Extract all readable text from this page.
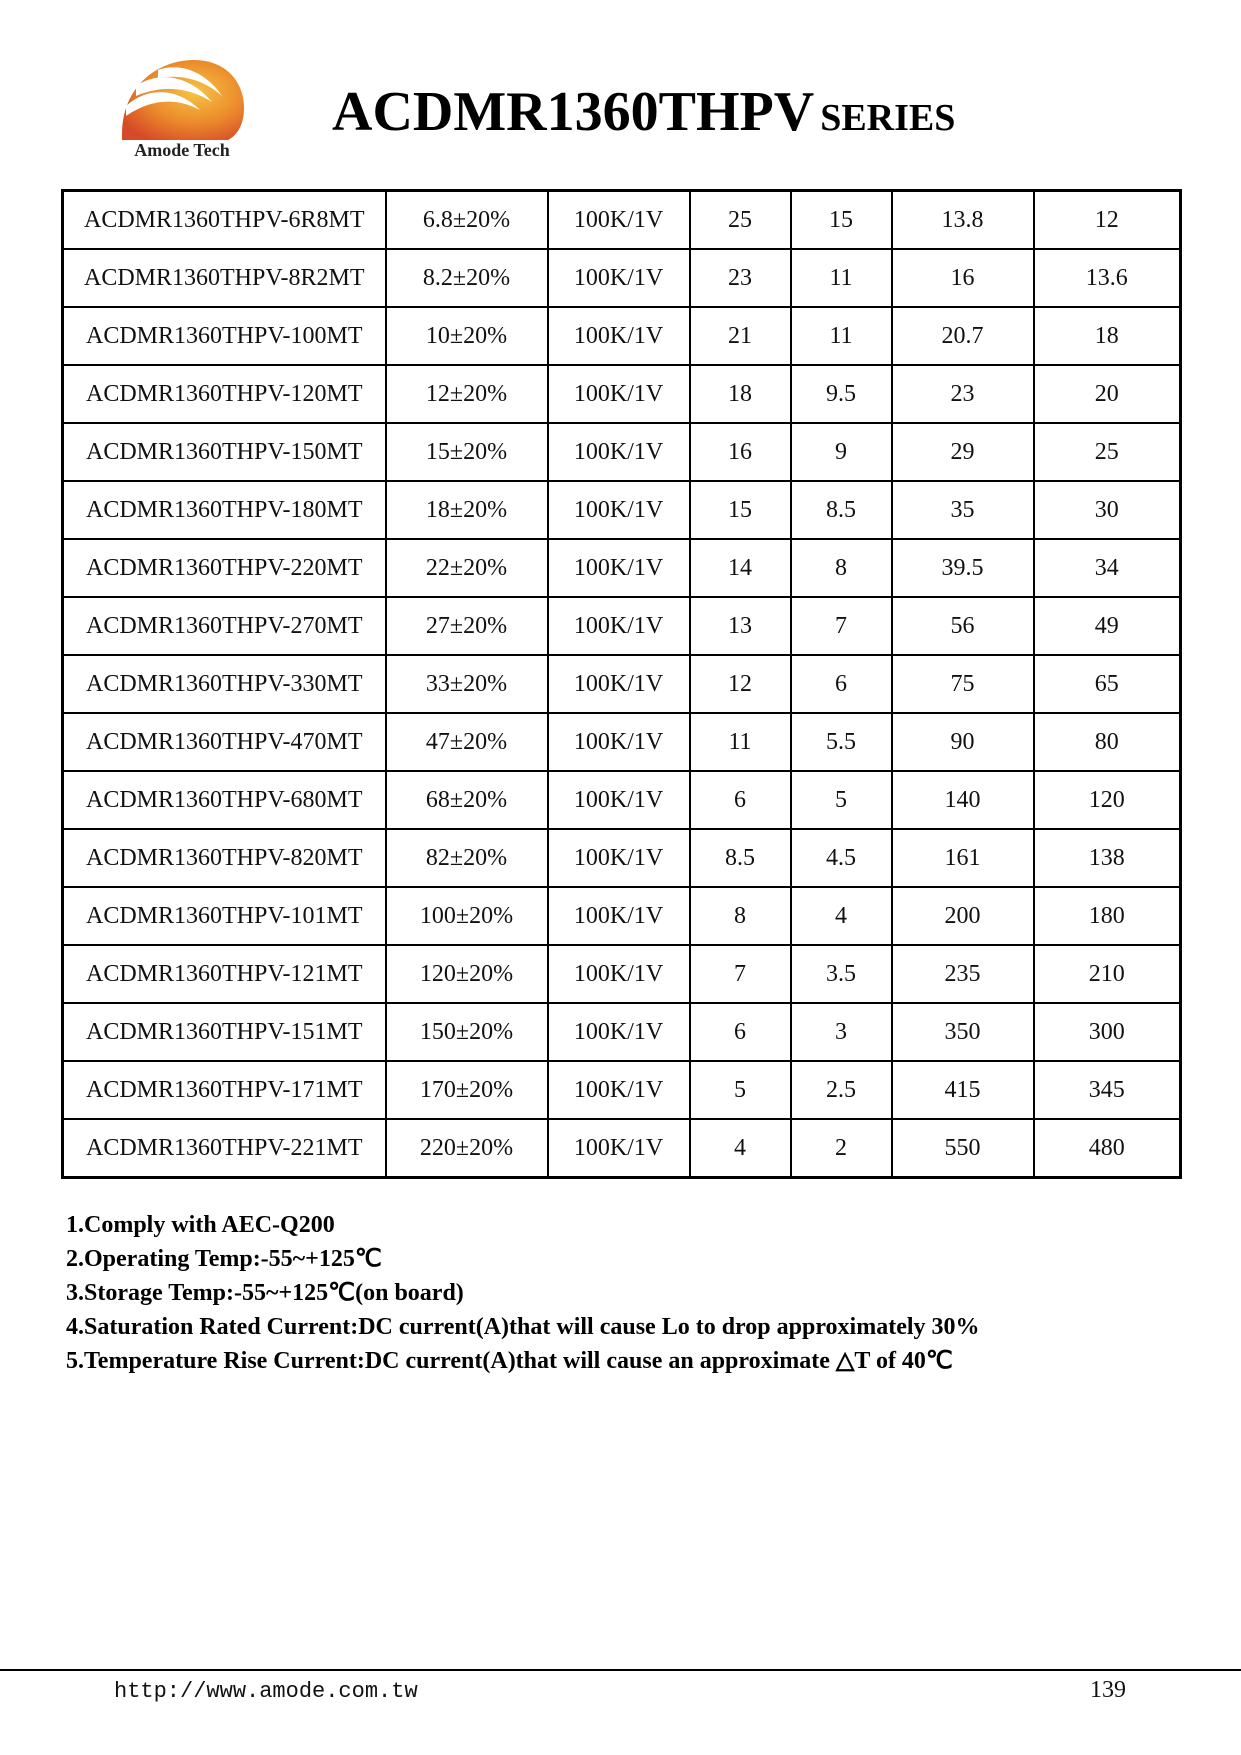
Amode Tech
ACDMR1360THPV SERIES
ACDMR1360THPV-6R8MT	6.8±20%	100K/1V	25	15	13.8	12
ACDMR1360THPV-8R2MT	8.2±20%	100K/1V	23	11	16	13.6
ACDMR1360THPV-100MT	10±20%	100K/1V	21	11	20.7	18
ACDMR1360THPV-120MT	12±20%	100K/1V	18	9.5	23	20
ACDMR1360THPV-150MT	15±20%	100K/1V	16	9	29	25
ACDMR1360THPV-180MT	18±20%	100K/1V	15	8.5	35	30
ACDMR1360THPV-220MT	22±20%	100K/1V	14	8	39.5	34
ACDMR1360THPV-270MT	27±20%	100K/1V	13	7	56	49
ACDMR1360THPV-330MT	33±20%	100K/1V	12	6	75	65
ACDMR1360THPV-470MT	47±20%	100K/1V	11	5.5	90	80
ACDMR1360THPV-680MT	68±20%	100K/1V	6	5	140	120
ACDMR1360THPV-820MT	82±20%	100K/1V	8.5	4.5	161	138
ACDMR1360THPV-101MT	100±20%	100K/1V	8	4	200	180
ACDMR1360THPV-121MT	120±20%	100K/1V	7	3.5	235	210
ACDMR1360THPV-151MT	150±20%	100K/1V	6	3	350	300
ACDMR1360THPV-171MT	170±20%	100K/1V	5	2.5	415	345
ACDMR1360THPV-221MT	220±20%	100K/1V	4	2	550	480
1.Comply with AEC-Q200
2.Operating Temp:-55~+125℃
3.Storage Temp:-55~+125℃(on board)
4.Saturation Rated Current:DC current(A)that will cause Lo to drop approximately 30%
5.Temperature Rise Current:DC current(A)that will cause an approximate △T of 40℃
http://www.amode.com.tw	139
